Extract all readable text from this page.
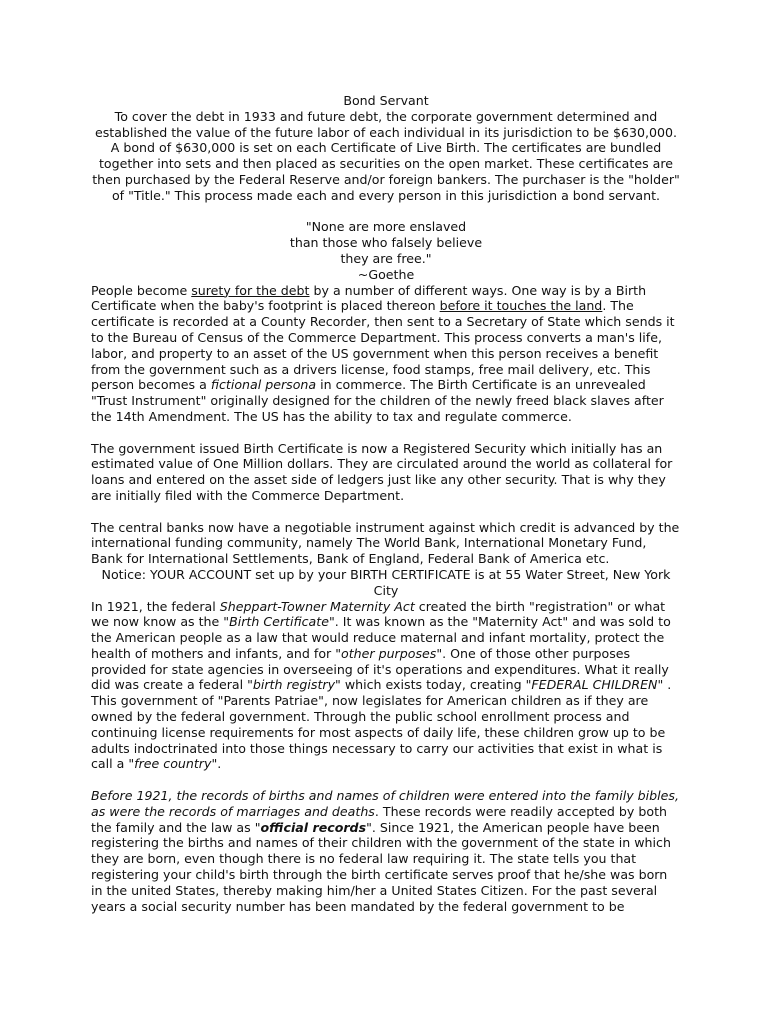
Bond Servant

To cover the debt in 1933 and future debt, the corporate government determined and established the value of the future labor of each individual in its jurisdiction to be $630,000. A bond of $630,000 is set on each Certificate of Live Birth. The certificates are bundled together into sets and then placed as securities on the open market. These certificates are then purchased by the Federal Reserve and/or foreign bankers. The purchaser is the "holder" of "Title." This process made each and every person in this jurisdiction a bond servant.

"None are more enslaved

than those who falsely believe

they are free."

~Goethe

People become surety for the debt by a number of different ways. One way is by a Birth Certificate when the baby's footprint is placed thereon before it touches the land. The certificate is recorded at a County Recorder, then sent to a Secretary of State which sends it to the Bureau of Census of the Commerce Department. This process converts a man's life, labor, and property to an asset of the US government when this person receives a benefit from the government such as a drivers license, food stamps, free mail delivery, etc. This person becomes a fictional persona in commerce. The Birth Certificate is an unrevealed "Trust Instrument" originally designed for the children of the newly freed black slaves after the 14th Amendment. The US has the ability to tax and regulate commerce.

The government issued Birth Certificate is now a Registered Security which initially has an estimated value of One Million dollars. They are circulated around the world as collateral for loans and entered on the asset side of ledgers just like any other security. That is why they are initially filed with the Commerce Department.

The central banks now have a negotiable instrument against which credit is advanced by the international funding community, namely The World Bank, International Monetary Fund, Bank for International Settlements, Bank of England, Federal Bank of America etc.

Notice: YOUR ACCOUNT set up by your BIRTH CERTIFICATE is at 55 Water Street, New York City

In 1921, the federal Sheppart-Towner Maternity Act created the birth "registration" or what we now know as the "Birth Certificate". It was known as the "Maternity Act" and was sold to the American people as a law that would reduce maternal and infant mortality, protect the health of mothers and infants, and for "other purposes". One of those other purposes provided for state agencies in overseeing of it's operations and expenditures. What it really did was create a federal "birth registry" which exists today, creating "FEDERAL CHILDREN" . This government of "Parents Patriae", now legislates for American children as if they are owned by the federal government. Through the public school enrollment process and continuing license requirements for most aspects of daily life, these children grow up to be adults indoctrinated into those things necessary to carry our activities that exist in what is call a "free country".

Before 1921, the records of births and names of children were entered into the family bibles, as were the records of marriages and deaths. These records were readily accepted by both the family and the law as "official records". Since 1921, the American people have been registering the births and names of their children with the government of the state in which they are born, even though there is no federal law requiring it. The state tells you that registering your child's birth through the birth certificate serves proof that he/she was born in the united States, thereby making him/her a United States Citizen. For the past several years a social security number has been mandated by the federal government to be
